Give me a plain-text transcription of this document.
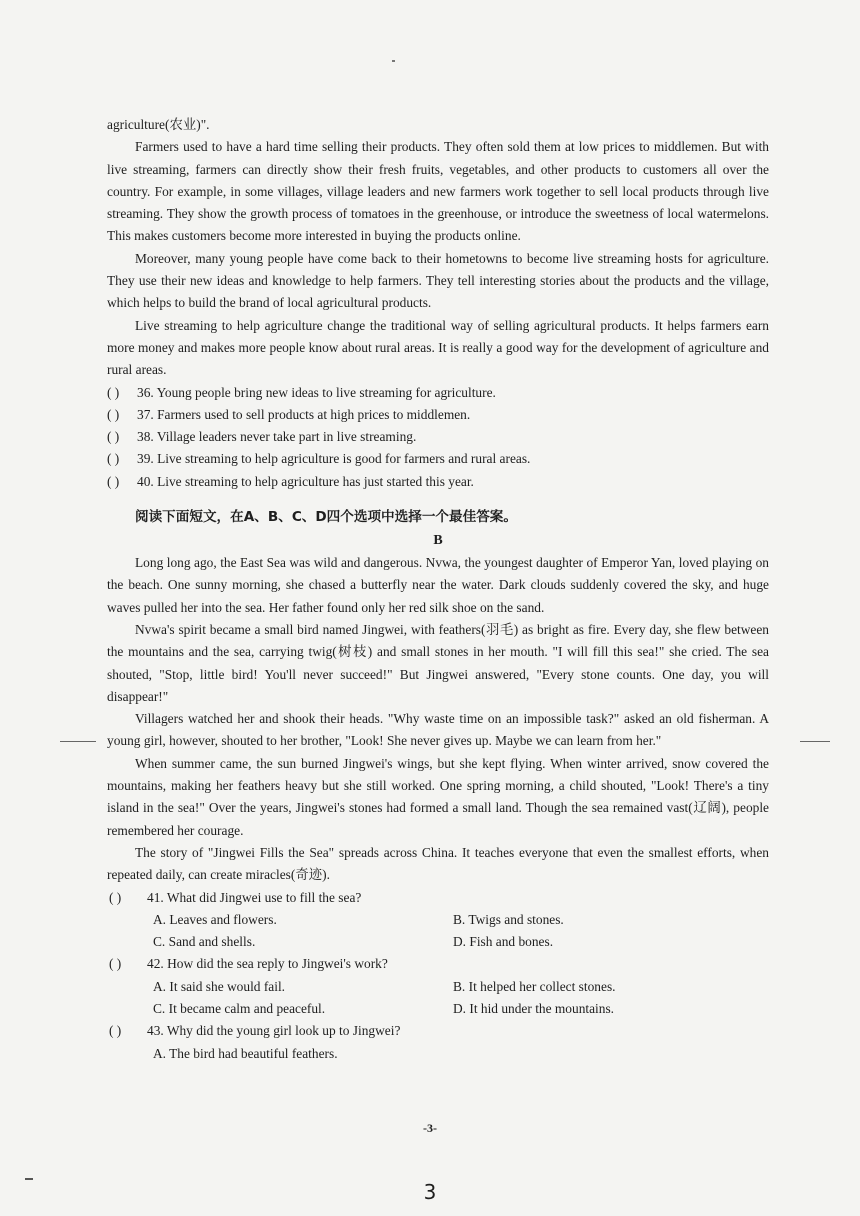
agriculture(农业)".

Farmers used to have a hard time selling their products. They often sold them at low prices to middlemen. But with live streaming, farmers can directly show their fresh fruits, vegetables, and other products to customers all over the country. For example, in some villages, village leaders and new farmers work together to sell local products through live streaming. They show the growth process of tomatoes in the greenhouse, or introduce the sweetness of local watermelons. This makes customers become more interested in buying the products online.

Moreover, many young people have come back to their hometowns to become live streaming hosts for agriculture. They use their new ideas and knowledge to help farmers. They tell interesting stories about the products and the village, which helps to build the brand of local agricultural products.

Live streaming to help agriculture change the traditional way of selling agricultural products. It helps farmers earn more money and makes more people know about rural areas. It is really a good way for the development of agriculture and rural areas.

( )	36. Young people bring new ideas to live streaming for agriculture.
( )	37. Farmers used to sell products at high prices to middlemen.
( )	38. Village leaders never take part in live streaming.
( )	39. Live streaming to help agriculture is good for farmers and rural areas.
( )	40. Live streaming to help agriculture has just started this year.
阅读下面短文，在A、B、C、D四个选项中选择一个最佳答案。
B

Long long ago, the East Sea was wild and dangerous. Nvwa, the youngest daughter of Emperor Yan, loved playing on the beach. One sunny morning, she chased a butterfly near the water. Dark clouds suddenly covered the sky, and huge waves pulled her into the sea. Her father found only her red silk shoe on the sand.

Nvwa's spirit became a small bird named Jingwei, with feathers(羽毛) as bright as fire. Every day, she flew between the mountains and the sea, carrying twig(树枝) and small stones in her mouth. "I will fill this sea!" she cried. The sea shouted, "Stop, little bird! You'll never succeed!" But Jingwei answered, "Every stone counts. One day, you will disappear!"

Villagers watched her and shook their heads. "Why waste time on an impossible task?" asked an old fisherman. A young girl, however, shouted to her brother, "Look! She never gives up. Maybe we can learn from her."

When summer came, the sun burned Jingwei's wings, but she kept flying. When winter arrived, snow covered the mountains, making her feathers heavy but she still worked. One spring morning, a child shouted, "Look! There's a tiny island in the sea!" Over the years, Jingwei's stones had formed a small land. Though the sea remained vast(辽阔), people remembered her courage.

The story of "Jingwei Fills the Sea" spreads across China. It teaches everyone that even the smallest efforts, when repeated daily, can create miracles(奇迹).

( )	41. What did Jingwei use to fill the sea?
A. Leaves and flowers.	B. Twigs and stones.
C. Sand and shells.	D. Fish and bones.
( )	42. How did the sea reply to Jingwei's work?
A. It said she would fail.	B. It helped her collect stones.
C. It became calm and peaceful.	D. It hid under the mountains.
( )	43. Why did the young girl look up to Jingwei?
A. The bird had beautiful feathers.
-3-
3
